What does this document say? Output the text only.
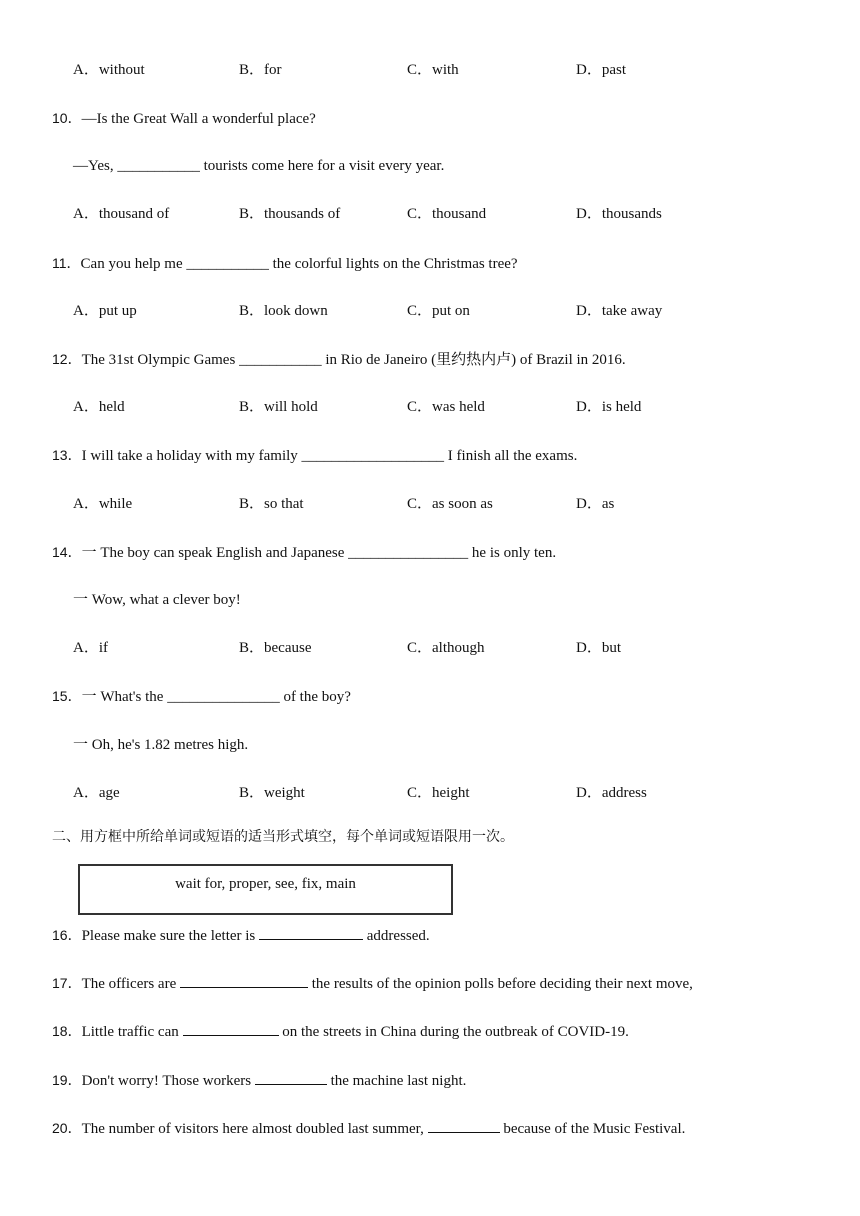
A．without	B．for	C．with	D．past
10．—Is the Great Wall a wonderful place?
—Yes, ___________ tourists come here for a visit every year.
A．thousand of	B．thousands of	C．thousand	D．thousands
11．Can you help me ___________ the colorful lights on the Christmas tree?
A．put up	B．look down	C．put on	D．take away
12．The 31st Olympic Games ___________ in Rio de Janeiro (里约热内卢) of Brazil in 2016.
A．held	B．will hold	C．was held	D．is held
13．I will take a holiday with my family ___________________ I finish all the exams.
A．while	B．so that	C．as soon as	D．as
14．一 The boy can speak English and Japanese ________________ he is only ten.
一 Wow, what a clever boy!
A．if	B．because	C．although	D．but
15．一 What's the _______________ of the boy?
一 Oh, he's 1.82 metres high.
A．age	B．weight	C．height	D．address
二、用方框中所给单词或短语的适当形式填空，每个单词或短语限用一次。
wait for, proper, see, fix, main
16．Please make sure the letter is	addressed.
17．The officers are	the results of the opinion polls before deciding their next move,
18．Little traffic can	on the streets in China during the outbreak of COVID-19.
19．Don't worry! Those workers	the machine last night.
20．The number of visitors here almost doubled last summer,	because of the Music Festival.
